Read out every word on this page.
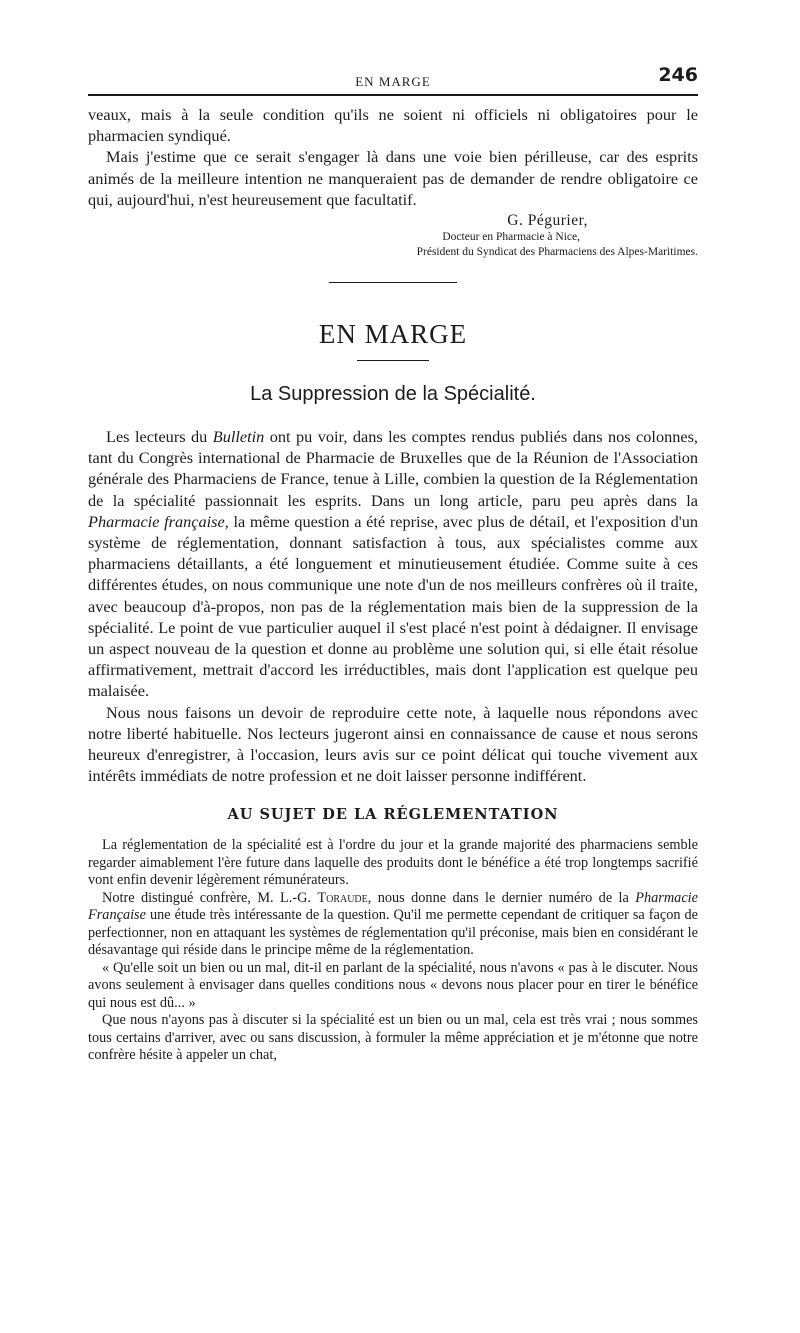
EN MARGE	246

veaux, mais à la seule condition qu'ils ne soient ni officiels ni obligatoires pour le pharmacien syndiqué.

Mais j'estime que ce serait s'engager là dans une voie bien périlleuse, car des esprits animés de la meilleure intention ne manqueraient pas de demander de rendre obligatoire ce qui, aujourd'hui, n'est heureusement que facultatif.

G. Pégurier,
Docteur en Pharmacie à Nice,
Président du Syndicat des Pharmaciens des Alpes-Maritimes.
EN MARGE
La Suppression de la Spécialité.

Les lecteurs du Bulletin ont pu voir, dans les comptes rendus publiés dans nos colonnes, tant du Congrès international de Pharmacie de Bruxelles que de la Réunion de l'Association générale des Pharmaciens de France, tenue à Lille, combien la question de la Réglementation de la spécialité passionnait les esprits. Dans un long article, paru peu après dans la Pharmacie française, la même question a été reprise, avec plus de détail, et l'exposition d'un système de réglementation, donnant satisfaction à tous, aux spécialistes comme aux pharmaciens détaillants, a été longuement et minutieusement étudiée. Comme suite à ces différentes études, on nous communique une note d'un de nos meilleurs confrères où il traite, avec beaucoup d'à-propos, non pas de la réglementation mais bien de la suppression de la spécialité. Le point de vue particulier auquel il s'est placé n'est point à dédaigner. Il envisage un aspect nouveau de la question et donne au problème une solution qui, si elle était résolue affirmativement, mettrait d'accord les irréductibles, mais dont l'application est quelque peu malaisée.

Nous nous faisons un devoir de reproduire cette note, à laquelle nous répondons avec notre liberté habituelle. Nos lecteurs jugeront ainsi en connaissance de cause et nous serons heureux d'enregistrer, à l'occasion, leurs avis sur ce point délicat qui touche vivement aux intérêts immédiats de notre profession et ne doit laisser personne indifférent.

AU SUJET DE LA RÉGLEMENTATION

La réglementation de la spécialité est à l'ordre du jour et la grande majorité des pharmaciens semble regarder aimablement l'ère future dans laquelle des produits dont le bénéfice a été trop longtemps sacrifié vont enfin devenir légèrement rémunérateurs.

Notre distingué confrère, M. L.-G. Toraude, nous donne dans le dernier numéro de la Pharmacie Française une étude très intéressante de la question. Qu'il me permette cependant de critiquer sa façon de perfectionner, non en attaquant les systèmes de réglementation qu'il préconise, mais bien en considérant le désavantage qui réside dans le principe même de la réglementation.

« Qu'elle soit un bien ou un mal, dit-il en parlant de la spécialité, nous n'avons « pas à le discuter. Nous avons seulement à envisager dans quelles conditions nous « devons nous placer pour en tirer le bénéfice qui nous est dû... »

Que nous n'ayons pas à discuter si la spécialité est un bien ou un mal, cela est très vrai ; nous sommes tous certains d'arriver, avec ou sans discussion, à formuler la même appréciation et je m'étonne que notre confrère hésite à appeler un chat,
